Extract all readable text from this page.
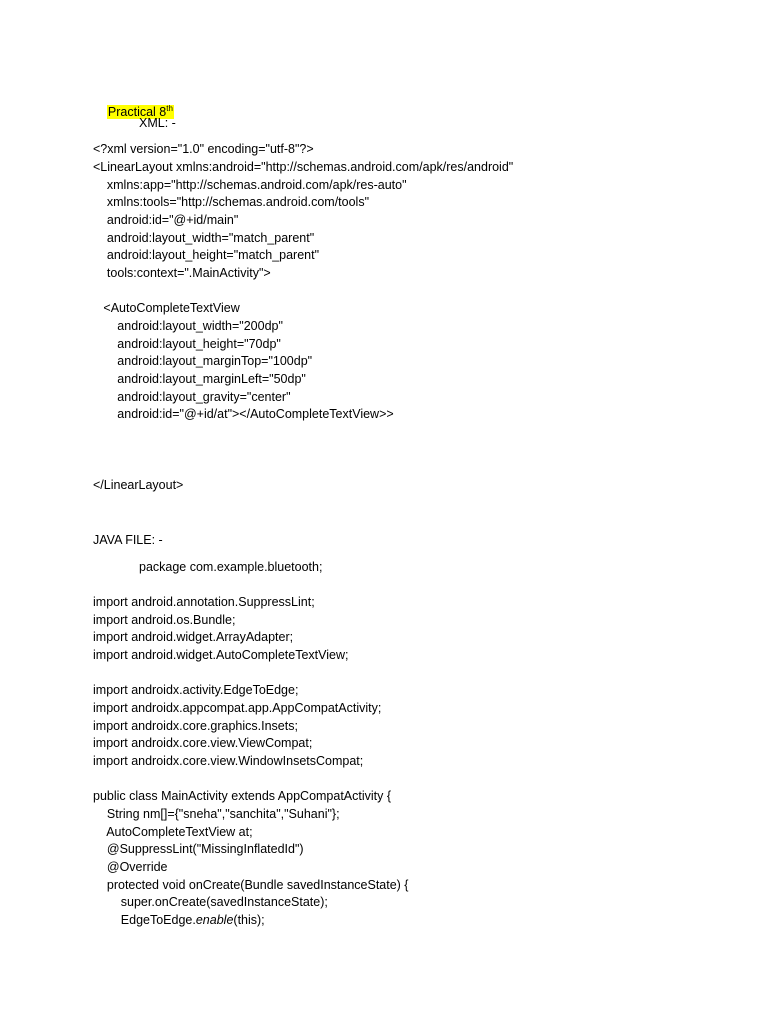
Practical 8th

XML: -
<?xml version="1.0" encoding="utf-8"?>
<LinearLayout xmlns:android="http://schemas.android.com/apk/res/android"
xmlns:app="http://schemas.android.com/apk/res-auto"
xmlns:tools="http://schemas.android.com/tools"
android:id="@+id/main"
android:layout_width="match_parent"
android:layout_height="match_parent"
tools:context=".MainActivity">
<AutoCompleteTextView
android:layout_width="200dp"
android:layout_height="70dp"
android:layout_marginTop="100dp"
android:layout_marginLeft="50dp"
android:layout_gravity="center"
android:id="@+id/at"></AutoCompleteTextView>>
</LinearLayout>
JAVA FILE: -
package com.example.bluetooth;
import android.annotation.SuppressLint;
import android.os.Bundle;
import android.widget.ArrayAdapter;
import android.widget.AutoCompleteTextView;
import androidx.activity.EdgeToEdge;
import androidx.appcompat.app.AppCompatActivity;
import androidx.core.graphics.Insets;
import androidx.core.view.ViewCompat;
import androidx.core.view.WindowInsetsCompat;
public class MainActivity extends AppCompatActivity {
String nm[]={"sneha","sanchita","Suhani"};
AutoCompleteTextView at;
@SuppressLint("MissingInflatedId")
@Override
protected void onCreate(Bundle savedInstanceState) {
super.onCreate(savedInstanceState);
EdgeToEdge.enable(this);
